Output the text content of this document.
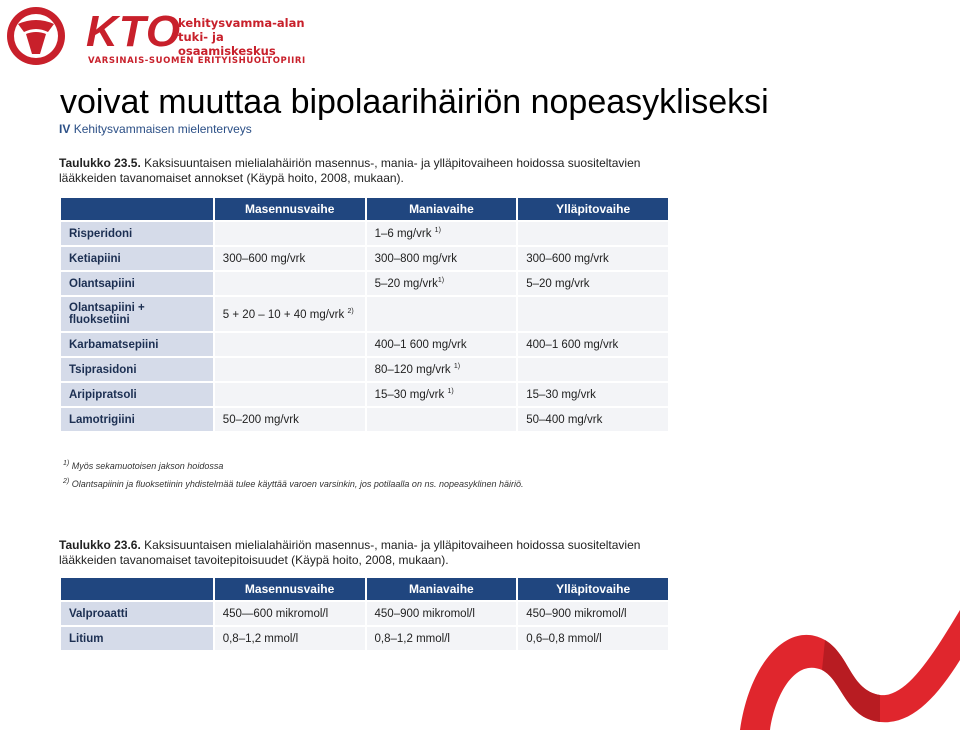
KTO
kehitysvamma-alan
tuki- ja osaamiskeskus
VARSINAIS-SUOMEN ERITYISHUOLTOPIIRI
voivat muuttaa bipolaarihäiriön nopeasykliseksi
IV Kehitysvammaisen mielenterveys
Taulukko 23.5. Kaksisuuntaisen mielialahäiriön masennus-, mania- ja ylläpitovaiheen hoidossa suositeltavien lääkkeiden tavanomaiset annokset (Käypä hoito, 2008, mukaan).
	Masennusvaihe	Maniavaihe	Ylläpitovaihe
Risperidoni		1–6 mg/vrk $^{1)}$	
Ketiapiini	300–600 mg/vrk	300–800 mg/vrk	300–600 mg/vrk
Olantsapiini		5–20 mg/vrk$^{1)}$	5–20 mg/vrk
Olantsapiini + fluoksetiini	5 + 20 – 10 + 40 mg/vrk $^{2)}$		
Karbamatsepiini		400–1 600 mg/vrk	400–1 600 mg/vrk
Tsiprasidoni		80–120 mg/vrk $^{1)}$	
Aripipratsoli		15–30 mg/vrk $^{1)}$	15–30 mg/vrk
Lamotrigiini	50–200 mg/vrk		50–400 mg/vrk
$^{1)}$ Myös sekamuotoisen jakson hoidossa
$^{2)}$ Olantsapiinin ja fluoksetiinin yhdistelmää tulee käyttää varoen varsinkin, jos potilaalla on ns. nopeasyklinen häiriö.
Taulukko 23.6. Kaksisuuntaisen mielialahäiriön masennus-, mania- ja ylläpitovaiheen hoidossa suositeltavien lääkkeiden tavanomaiset tavoitepitoisuudet (Käypä hoito, 2008, mukaan).
	Masennusvaihe	Maniavaihe	Ylläpitovaihe
Valproaatti	450—600 mikromol/l	450–900 mikromol/l	450–900 mikromol/l
Litium	0,8–1,2 mmol/l	0,8–1,2 mmol/l	0,6–0,8 mmol/l
